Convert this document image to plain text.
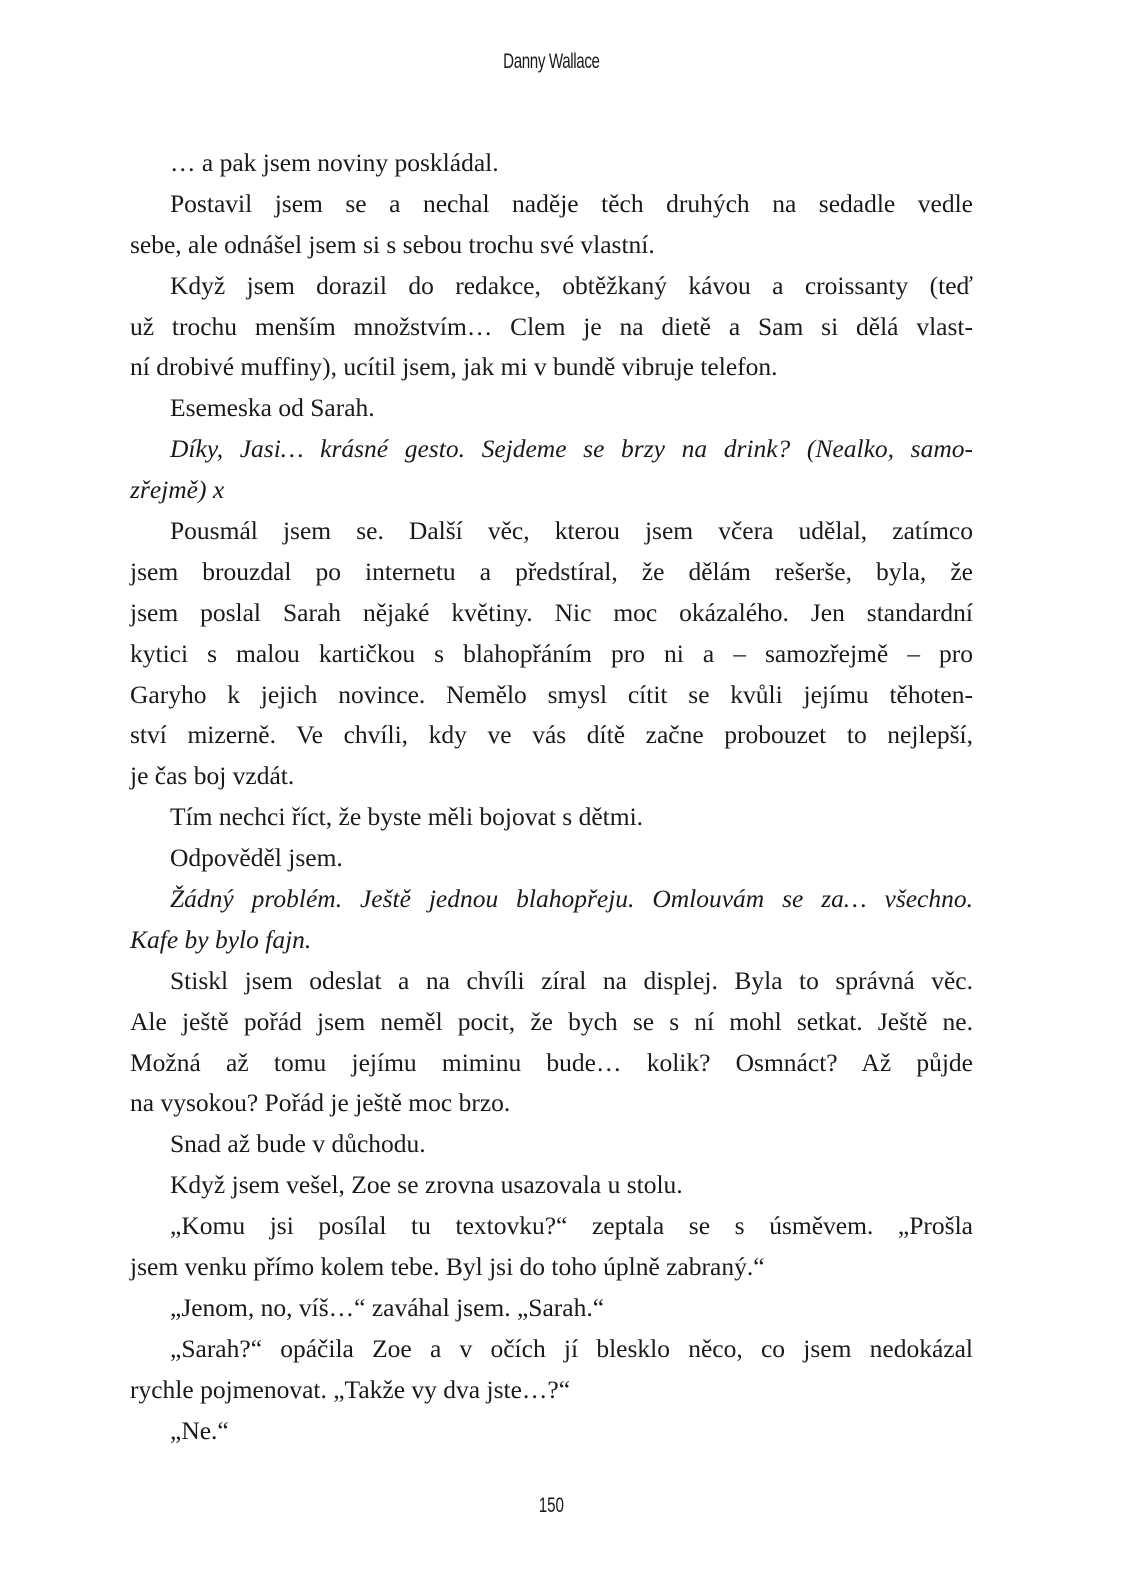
Danny Wallace
… a pak jsem noviny poskládal.
Postavil jsem se a nechal naděje těch druhých na sedadle vedle
sebe, ale odnášel jsem si s sebou trochu své vlastní.
Když jsem dorazil do redakce, obtěžkaný kávou a croissanty (teď
už trochu menším množstvím… Clem je na dietě a Sam si dělá vlast-
ní drobivé muffiny), ucítil jsem, jak mi v bundě vibruje telefon.
Esemeska od Sarah.
Díky, Jasi… krásné gesto. Sejdeme se brzy na drink? (Nealko, samo-
zřejmě) x
Pousmál jsem se. Další věc, kterou jsem včera udělal, zatímco
jsem brouzdal po internetu a předstíral, že dělám rešerše, byla, že
jsem poslal Sarah nějaké květiny. Nic moc okázalého. Jen standardní
kytici s malou kartičkou s blahopřáním pro ni a – samozřejmě – pro
Garyho k jejich novince. Nemělo smysl cítit se kvůli jejímu těhoten-
ství mizerně. Ve chvíli, kdy ve vás dítě začne probouzet to nejlepší,
je čas boj vzdát.
Tím nechci říct, že byste měli bojovat s dětmi.
Odpověděl jsem.
Žádný problém. Ještě jednou blahopřeju. Omlouvám se za… všechno.
Kafe by bylo fajn.
Stiskl jsem odeslat a na chvíli zíral na displej. Byla to správná věc.
Ale ještě pořád jsem neměl pocit, že bych se s ní mohl setkat. Ještě ne.
Možná až tomu jejímu miminu bude… kolik? Osmnáct? Až půjde
na vysokou? Pořád je ještě moc brzo.
Snad až bude v důchodu.
Když jsem vešel, Zoe se zrovna usazovala u stolu.
„Komu jsi posílal tu textovku?“ zeptala se s úsměvem. „Prošla
jsem venku přímo kolem tebe. Byl jsi do toho úplně zabraný.“
„Jenom, no, víš…“ zaváhal jsem. „Sarah.“
„Sarah?“ opáčila Zoe a v očích jí blesklo něco, co jsem nedokázal
rychle pojmenovat. „Takže vy dva jste…?“
„Ne.“
150
